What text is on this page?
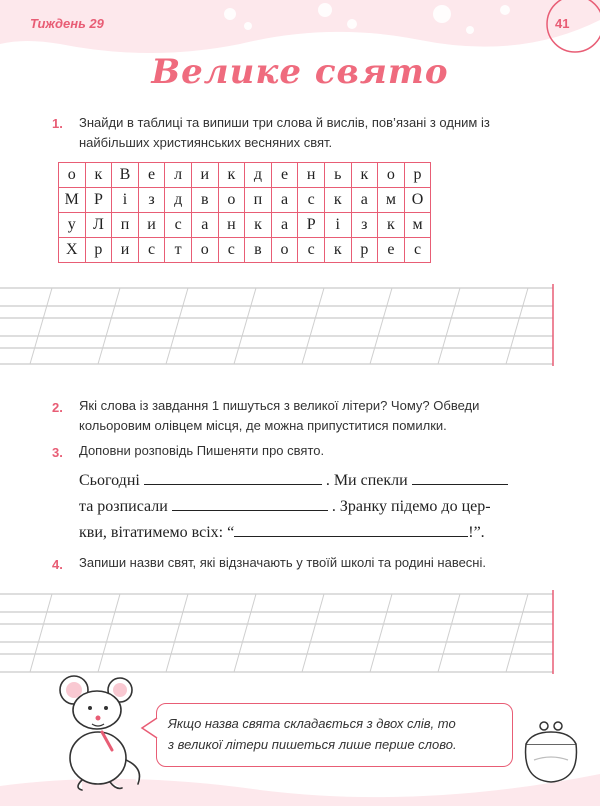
Тиждень 29	41
Велике свято
1. Знайди в таблиці та випиши три слова й вислів, пов’язані з одним із
найбільших християнських весняних свят.
о	к	В	е	л	и	к	д	е	н	ь	к	о	р
М	Р	і	з	д	в	о	п	а	с	к	а	м	О
у	Л	п	и	с	а	н	к	а	Р	і	з	к	м
Х	р	и	с	т	о	с	в	о	с	к	р	е	с
2. Які слова із завдання 1 пишуться з великої літери? Чому? Обведи
кольоровим олівцем місця, де можна припуститися помилки.
3. Доповни розповідь Пишеняти про свято.
Сьогодні	. Ми спекли
та розписали	. Зранку підемо до цер-
кви, вітатимемо всіх: “	!”.
4. Запиши назви свят, які відзначають у твоїй школі та родині навесні.
Якщо назва свята складається з двох слів, то
з великої літери пишеться лише перше слово.
